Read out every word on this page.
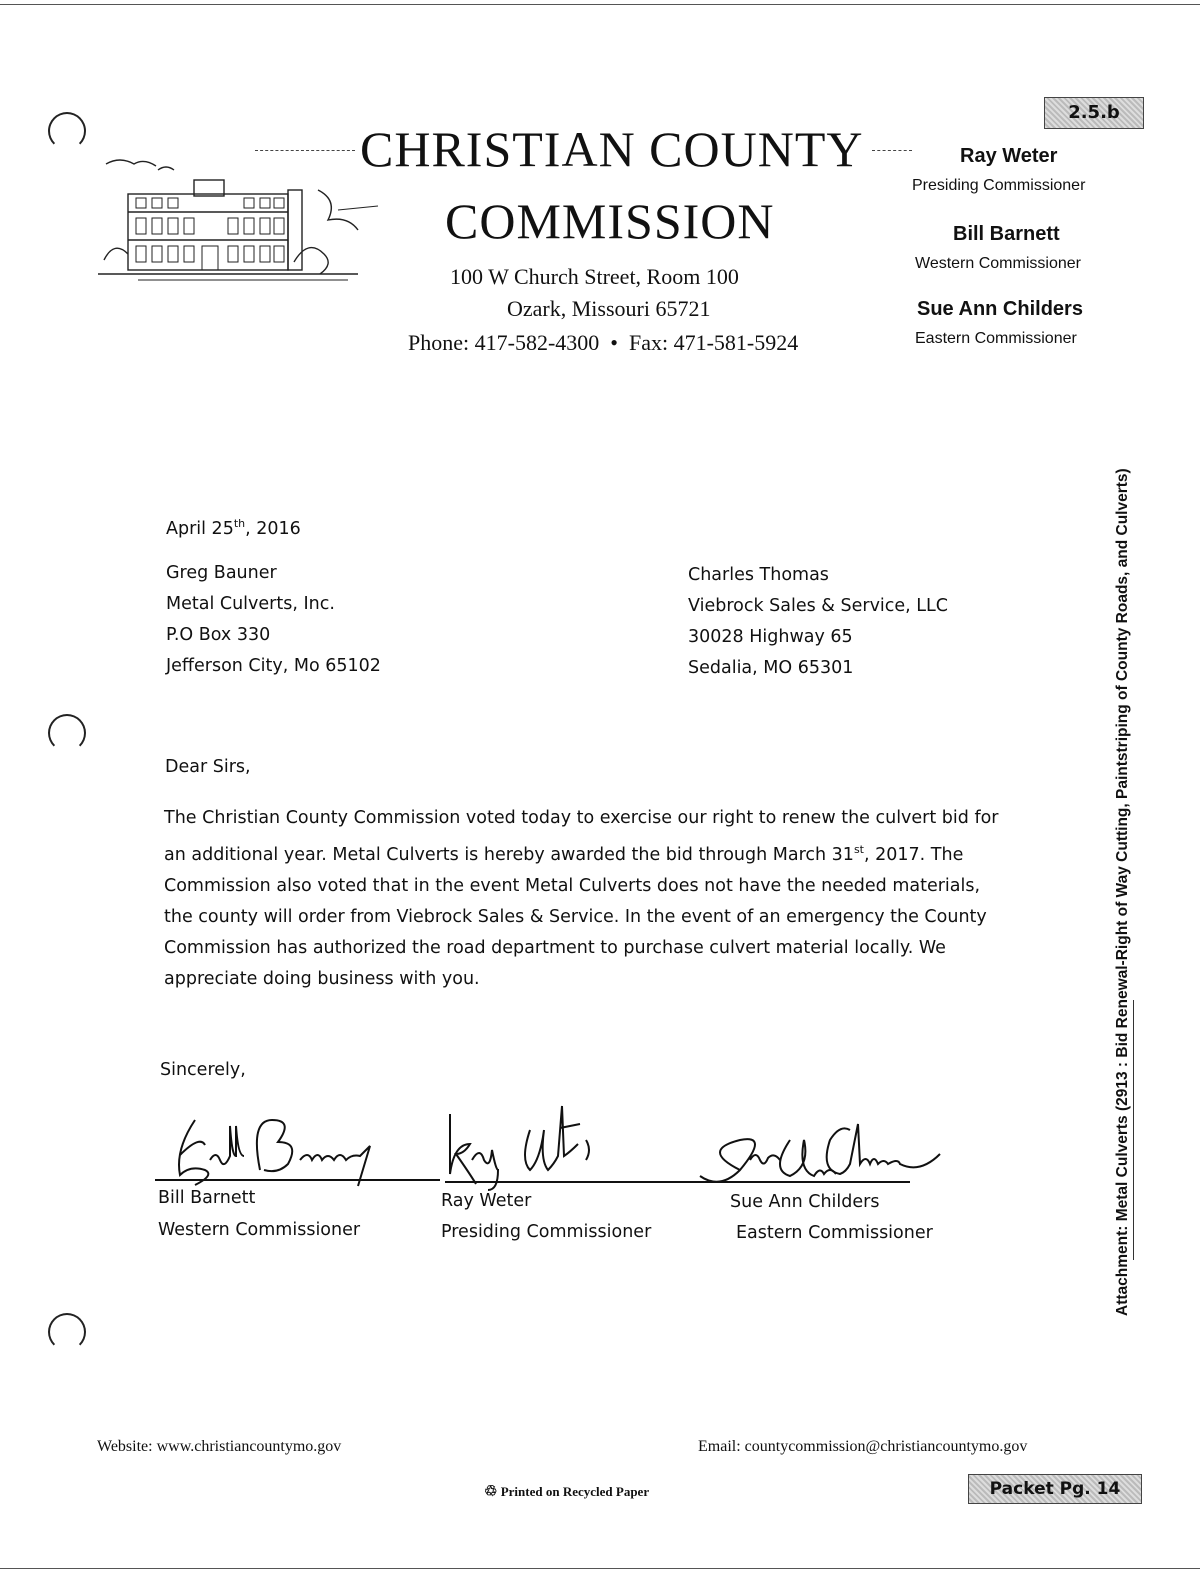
2.5.b
CHRISTIAN COUNTY
COMMISSION
100 W Church Street, Room 100
Ozark, Missouri 65721
Phone: 417-582-4300 • Fax: 471-581-5924
Ray Weter
Presiding Commissioner
Bill Barnett
Western Commissioner
Sue Ann Childers
Eastern Commissioner
April 25th, 2016
Greg Bauner
Metal Culverts, Inc.
P.O Box 330
Jefferson City, Mo 65102
Charles Thomas
Viebrock Sales & Service, LLC
30028 Highway 65
Sedalia, MO 65301
Dear Sirs,
The Christian County Commission voted today to exercise our right to renew the culvert bid for
an additional year. Metal Culverts is hereby awarded the bid through March 31st, 2017. The
Commission also voted that in the event Metal Culverts does not have the needed materials,
the county will order from Viebrock Sales & Service. In the event of an emergency the County
Commission has authorized the road department to purchase culvert material locally. We
appreciate doing business with you.
Sincerely,
Bill Barnett
Western Commissioner
Ray Weter
Presiding Commissioner
Sue Ann Childers
Eastern Commissioner	Attachment: Metal Culverts (2913 : Bid Renewal-Right of Way Cutting, Paintstriping of County Roads, and Culverts)
Website: www.christiancountymo.gov	Email: countycommission@christiancountymo.gov
♲ Printed on Recycled Paper	Packet Pg. 14
